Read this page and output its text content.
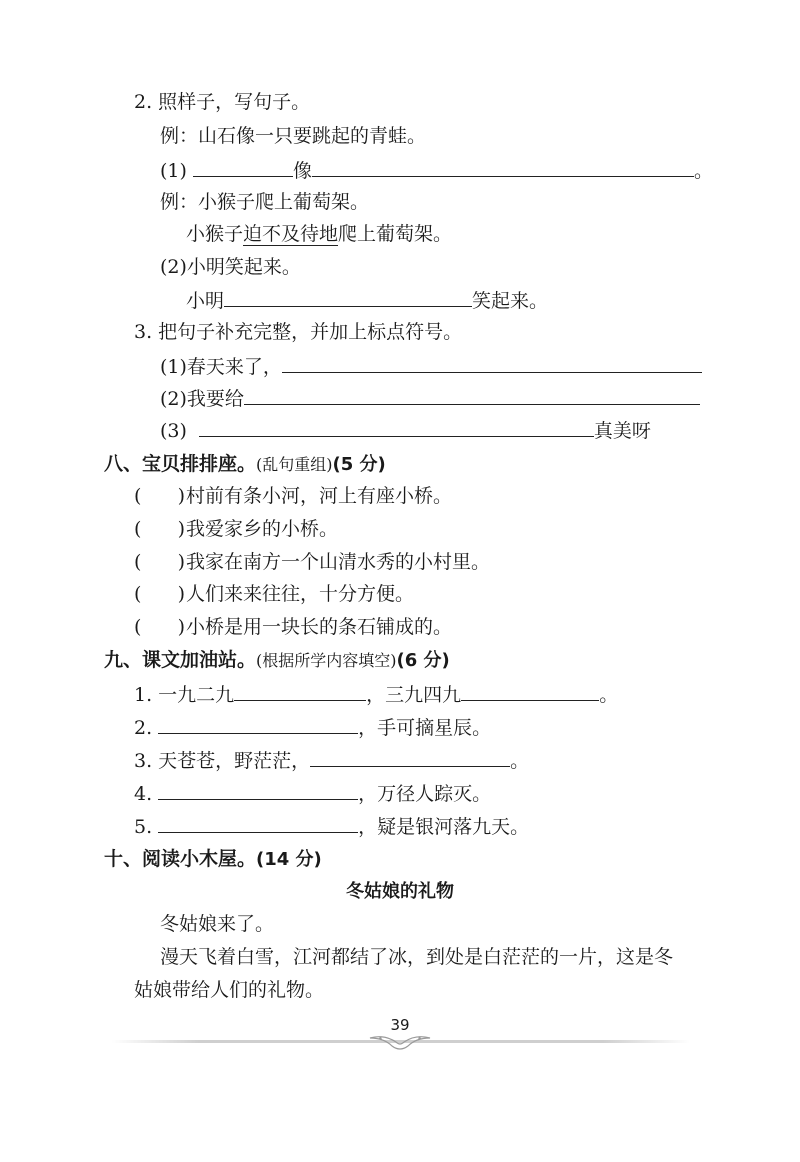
2. 照样子，写句子。
例：山石像一只要跳起的青蛙。
(1)	像	。
例：小猴子爬上葡萄架。
小猴子迫不及待地爬上葡萄架。
(2)小明笑起来。
小明	笑起来。
3. 把句子补充完整，并加上标点符号。
(1)春天来了，
(2)我要给
(3)	真美呀
八、宝贝排排座。(乱句重组)(5 分)
(      )村前有条小河，河上有座小桥。
(      )我爱家乡的小桥。
(      )我家在南方一个山清水秀的小村里。
(      )人们来来往往，十分方便。
(      )小桥是用一块长的条石铺成的。
九、课文加油站。(根据所学内容填空)(6 分)
1. 一九二九	，三九四九	。
2.	，手可摘星辰。
3. 天苍苍，野茫茫，	。
4.	，万径人踪灭。
5.	，疑是银河落九天。
十、阅读小木屋。(14 分)
冬姑娘的礼物
冬姑娘来了。
漫天飞着白雪，江河都结了冰，到处是白茫茫的一片，这是冬
姑娘带给人们的礼物。
39
